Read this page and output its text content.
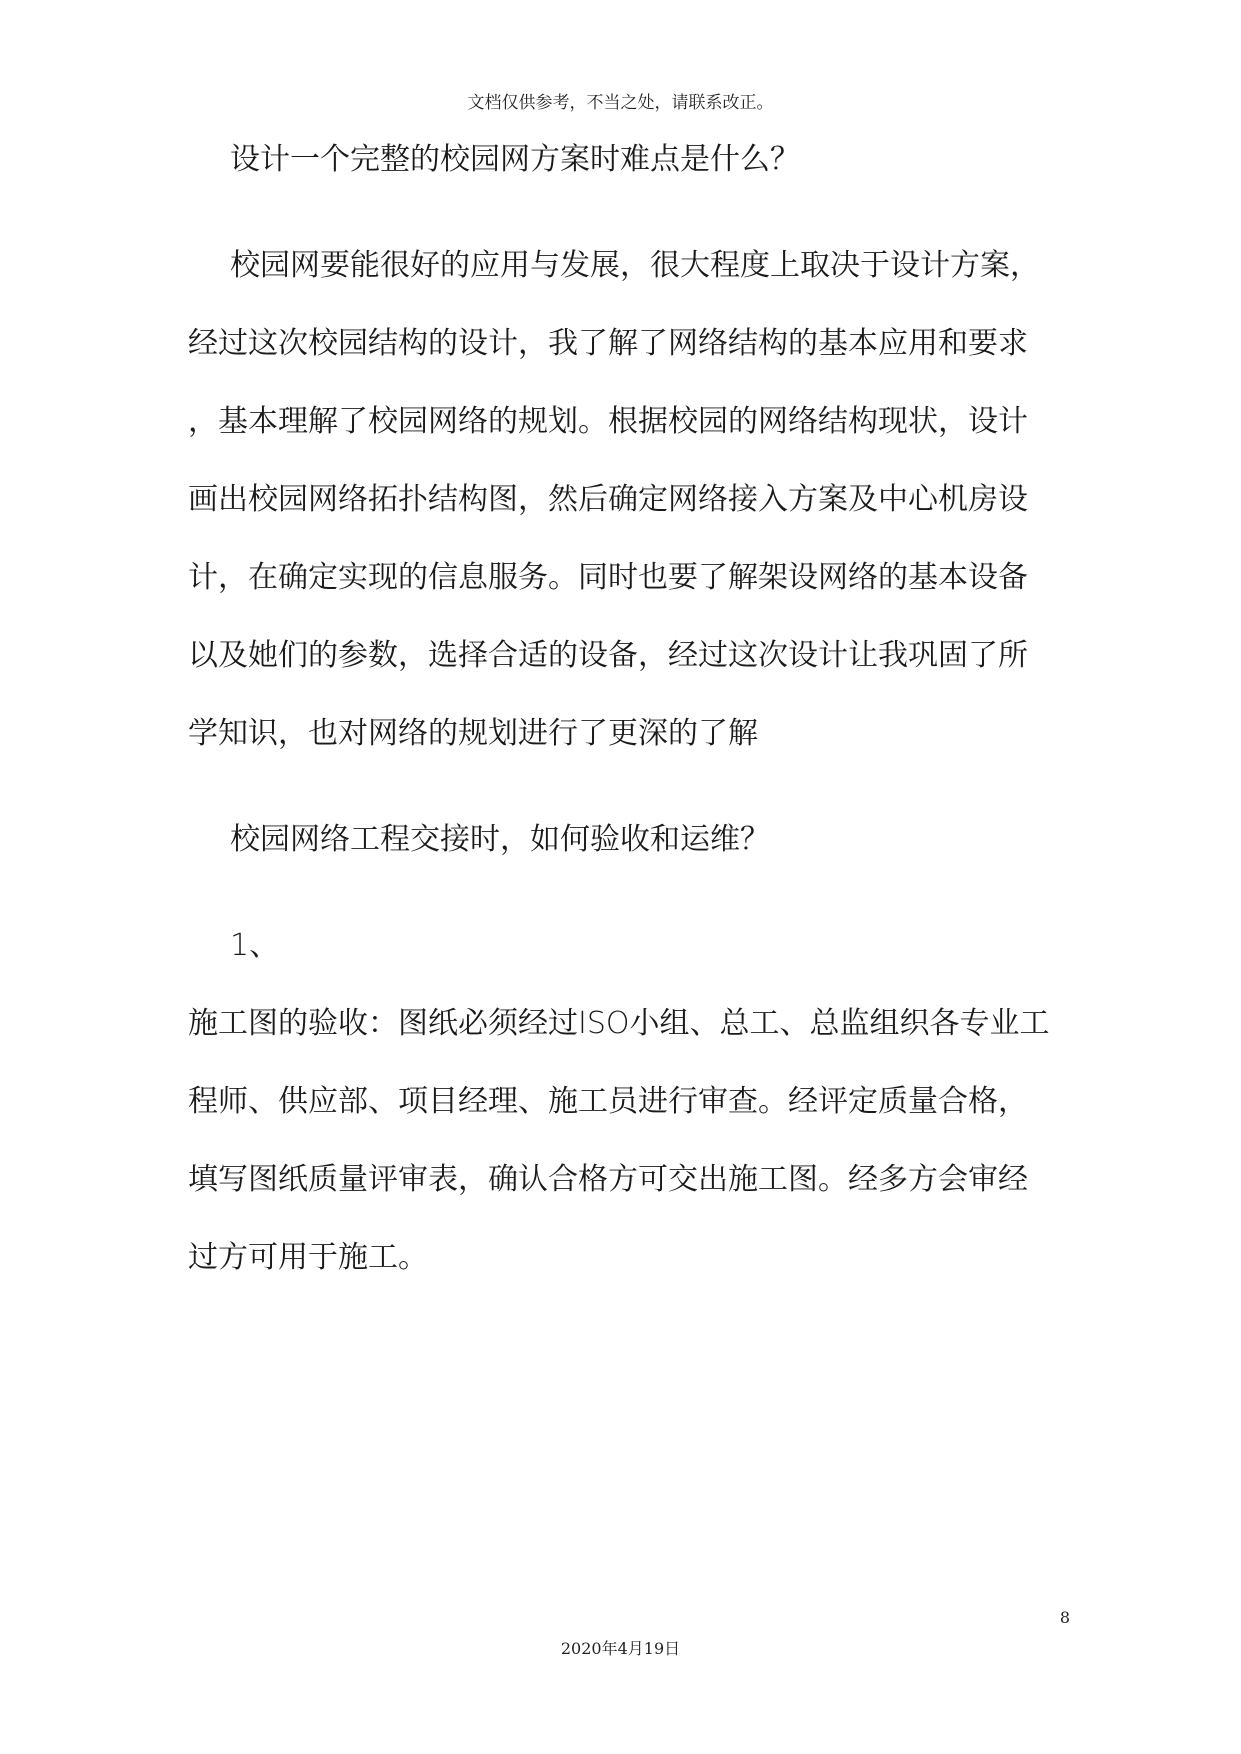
文档仅供参考，不当之处，请联系改正。

设计一个完整的校园网方案时难点是什么？

校园网要能很好的应用与发展，很大程度上取决于设计方案，

经过这次校园结构的设计，我了解了网络结构的基本应用和要求

，基本理解了校园网络的规划。根据校园的网络结构现状，设计

画出校园网络拓扑结构图，然后确定网络接入方案及中心机房设

计，在确定实现的信息服务。同时也要了解架设网络的基本设备

以及她们的参数，选择合适的设备，经过这次设计让我巩固了所

学知识，也对网络的规划进行了更深的了解

校园网络工程交接时，如何验收和运维？

1、

施工图的验收：图纸必须经过ISO小组、总工、总监组织各专业工

程师、供应部、项目经理、施工员进行审查。经评定质量合格，

填写图纸质量评审表，确认合格方可交出施工图。经多方会审经

过方可用于施工。

8
2020年4月19日
